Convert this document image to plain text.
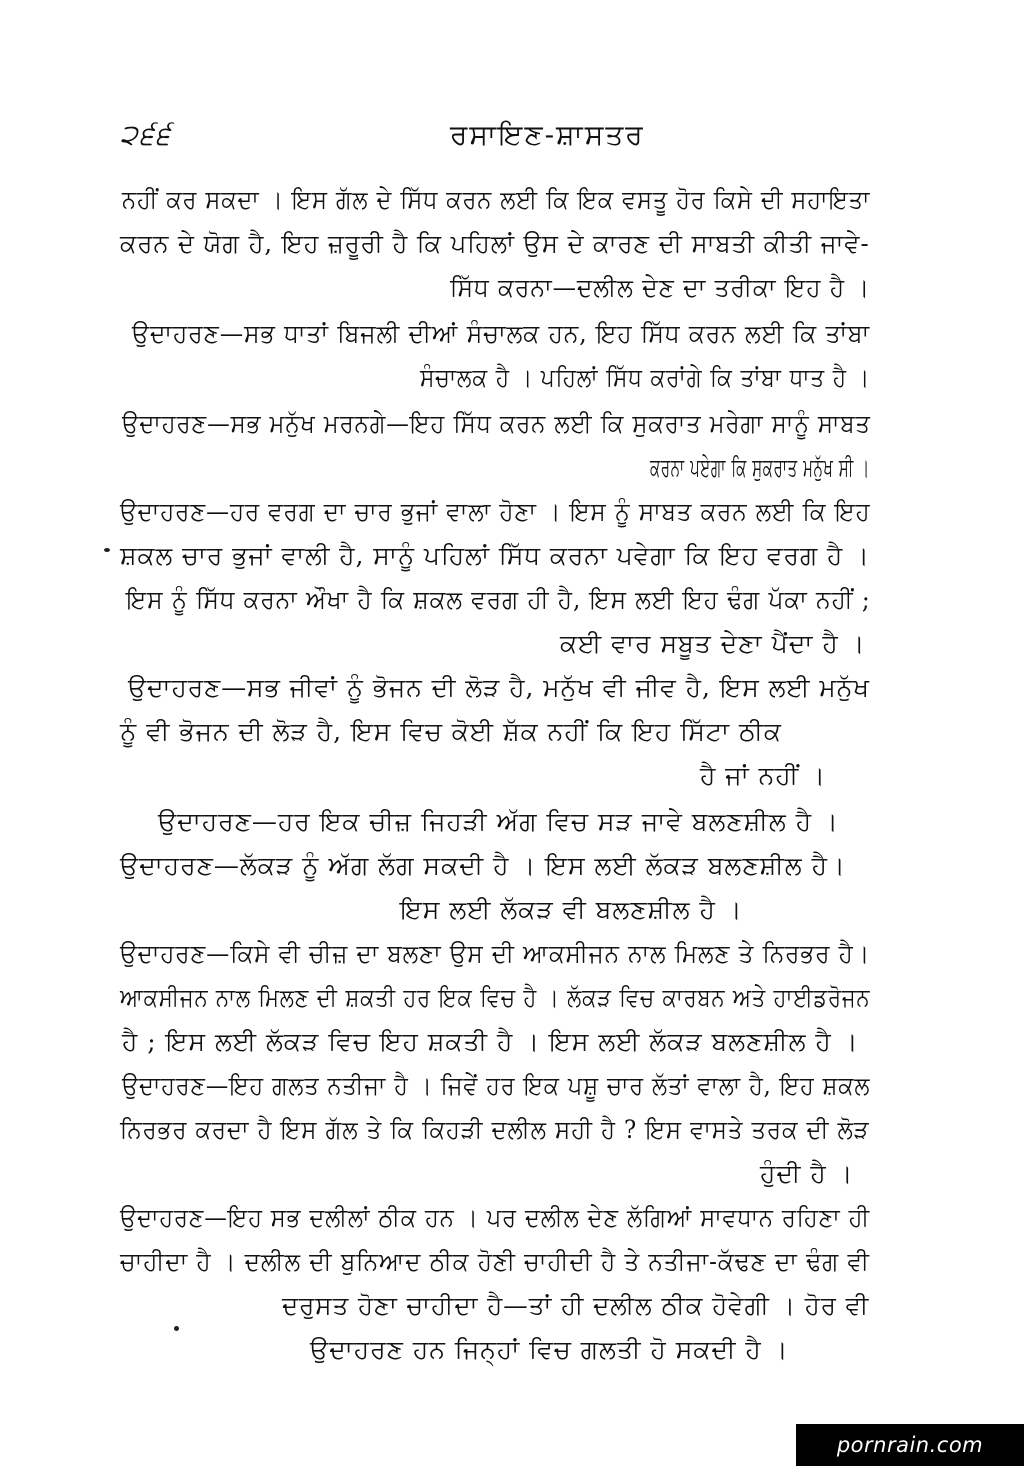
੨੬੬	ਰਸਾਇਣ-ਸ਼ਾਸਤਰ
ਨਹੀਂ ਕਰ ਸਕਦਾ । ਇਸ ਗੱਲ ਦੇ ਸਿੱਧ ਕਰਨ ਲਈ ਕਿ ਇਕ ਵਸਤੂ ਹੋਰ ਕਿਸੇ ਦੀ ਸਹਾਇਤਾ
ਕਰਨ ਦੇ ਯੋਗ ਹੈ, ਇਹ ਜ਼ਰੂਰੀ ਹੈ ਕਿ ਪਹਿਲਾਂ ਉਸ ਦੇ ਕਾਰਣ ਦੀ ਸਾਬਤੀ ਕੀਤੀ ਜਾਵੇ-
ਸਿੱਧ ਕਰਨਾ—ਦਲੀਲ ਦੇਣ ਦਾ ਤਰੀਕਾ ਇਹ ਹੈ ।
ਉਦਾਹਰਣ—ਸਭ ਧਾਤਾਂ ਬਿਜਲੀ ਦੀਆਂ ਸੰਚਾਲਕ ਹਨ, ਇਹ ਸਿੱਧ ਕਰਨ ਲਈ ਕਿ ਤਾਂਬਾ
ਸੰਚਾਲਕ ਹੈ । ਪਹਿਲਾਂ ਸਿੱਧ ਕਰਾਂਗੇ ਕਿ ਤਾਂਬਾ ਧਾਤ ਹੈ ।
ਉਦਾਹਰਣ—ਸਭ ਮਨੁੱਖ ਮਰਨਗੇ—ਇਹ ਸਿੱਧ ਕਰਨ ਲਈ ਕਿ ਸੁਕਰਾਤ ਮਰੇਗਾ ਸਾਨੂੰ ਸਾਬਤ
ਕਰਨਾ ਪਏਗਾ ਕਿ ਸੁਕਰਾਤ ਮਨੁੱਖ ਸੀ ।
ਉਦਾਹਰਣ—ਹਰ ਵਰਗ ਦਾ ਚਾਰ ਭੁਜਾਂ ਵਾਲਾ ਹੋਣਾ । ਇਸ ਨੂੰ ਸਾਬਤ ਕਰਨ ਲਈ ਕਿ ਇਹ
ਸ਼ਕਲ ਚਾਰ ਭੁਜਾਂ ਵਾਲੀ ਹੈ, ਸਾਨੂੰ ਪਹਿਲਾਂ ਸਿੱਧ ਕਰਨਾ ਪਵੇਗਾ ਕਿ ਇਹ ਵਰਗ ਹੈ ।
ਇਸ ਨੂੰ ਸਿੱਧ ਕਰਨਾ ਔਖਾ ਹੈ ਕਿ ਸ਼ਕਲ ਵਰਗ ਹੀ ਹੈ, ਇਸ ਲਈ ਇਹ ਢੰਗ ਪੱਕਾ ਨਹੀਂ ;
ਕਈ ਵਾਰ ਸਬੂਤ ਦੇਣਾ ਪੈਂਦਾ ਹੈ ।
ਉਦਾਹਰਣ—ਸਭ ਜੀਵਾਂ ਨੂੰ ਭੋਜਨ ਦੀ ਲੋੜ ਹੈ, ਮਨੁੱਖ ਵੀ ਜੀਵ ਹੈ, ਇਸ ਲਈ ਮਨੁੱਖ
ਨੂੰ ਵੀ ਭੋਜਨ ਦੀ ਲੋੜ ਹੈ, ਇਸ ਵਿਚ ਕੋਈ ਸ਼ੱਕ ਨਹੀਂ ਕਿ ਇਹ ਸਿੱਟਾ ਠੀਕ
ਹੈ ਜਾਂ ਨਹੀਂ ।
ਉਦਾਹਰਣ—ਹਰ ਇਕ ਚੀਜ਼ ਜਿਹੜੀ ਅੱਗ ਵਿਚ ਸੜ ਜਾਵੇ ਬਲਣਸ਼ੀਲ ਹੈ ।
ਉਦਾਹਰਣ—ਲੱਕੜ ਨੂੰ ਅੱਗ ਲੱਗ ਸਕਦੀ ਹੈ । ਇਸ ਲਈ ਲੱਕੜ ਬਲਣਸ਼ੀਲ ਹੈ।
ਇਸ ਲਈ ਲੱਕੜ ਵੀ ਬਲਣਸ਼ੀਲ ਹੈ ।
ਉਦਾਹਰਣ—ਕਿਸੇ ਵੀ ਚੀਜ਼ ਦਾ ਬਲਣਾ ਉਸ ਦੀ ਆਕਸੀਜਨ ਨਾਲ ਮਿਲਣ ਤੇ ਨਿਰਭਰ ਹੈ।
ਆਕਸੀਜਨ ਨਾਲ ਮਿਲਣ ਦੀ ਸ਼ਕਤੀ ਹਰ ਇਕ ਵਿਚ ਹੈ । ਲੱਕੜ ਵਿਚ ਕਾਰਬਨ ਅਤੇ ਹਾਈਡਰੋਜਨ
ਹੈ ; ਇਸ ਲਈ ਲੱਕੜ ਵਿਚ ਇਹ ਸ਼ਕਤੀ ਹੈ । ਇਸ ਲਈ ਲੱਕੜ ਬਲਣਸ਼ੀਲ ਹੈ ।
ਉਦਾਹਰਣ—ਇਹ ਗਲਤ ਨਤੀਜਾ ਹੈ । ਜਿਵੇਂ ਹਰ ਇਕ ਪਸ਼ੂ ਚਾਰ ਲੱਤਾਂ ਵਾਲਾ ਹੈ, ਇਹ ਸ਼ਕਲ
ਨਿਰਭਰ ਕਰਦਾ ਹੈ ਇਸ ਗੱਲ ਤੇ ਕਿ ਕਿਹੜੀ ਦਲੀਲ ਸਹੀ ਹੈ ? ਇਸ ਵਾਸਤੇ ਤਰਕ ਦੀ ਲੋੜ
ਹੁੰਦੀ ਹੈ ।
ਉਦਾਹਰਣ—ਇਹ ਸਭ ਦਲੀਲਾਂ ਠੀਕ ਹਨ । ਪਰ ਦਲੀਲ ਦੇਣ ਲੱਗਿਆਂ ਸਾਵਧਾਨ ਰਹਿਣਾ ਹੀ
ਚਾਹੀਦਾ ਹੈ । ਦਲੀਲ ਦੀ ਬੁਨਿਆਦ ਠੀਕ ਹੋਣੀ ਚਾਹੀਦੀ ਹੈ ਤੇ ਨਤੀਜਾ-ਕੱਢਣ ਦਾ ਢੰਗ ਵੀ
ਦਰੁਸਤ ਹੋਣਾ ਚਾਹੀਦਾ ਹੈ—ਤਾਂ ਹੀ ਦਲੀਲ ਠੀਕ ਹੋਵੇਗੀ । ਹੋਰ ਵੀ
ਉਦਾਹਰਣ ਹਨ ਜਿਨ੍ਹਾਂ ਵਿਚ ਗਲਤੀ ਹੋ ਸਕਦੀ ਹੈ ।
pornrain.com
